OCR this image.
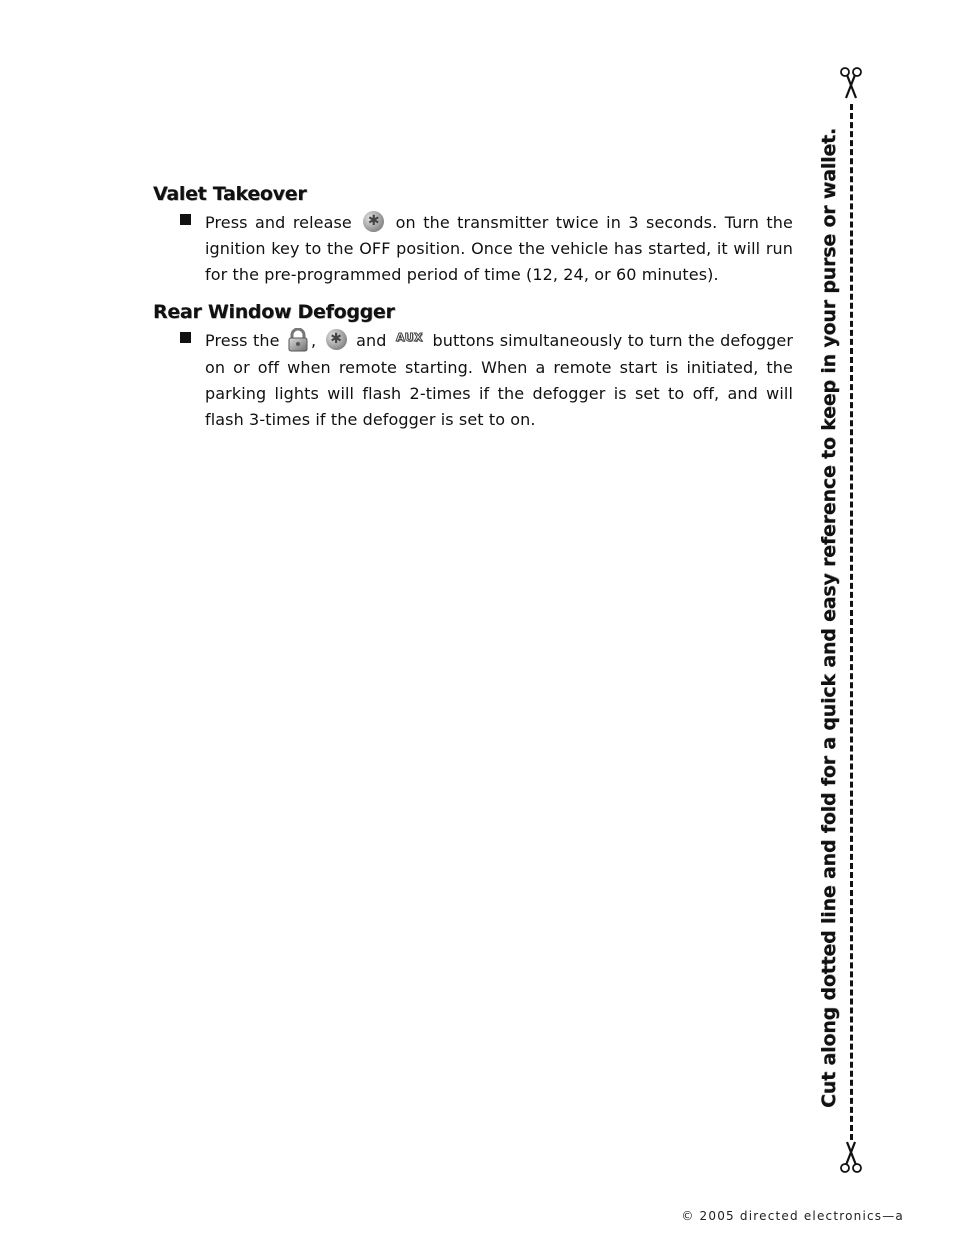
Valet Takeover

Press and release ✱ on the transmitter twice in 3 seconds. Turn the ignition key to the OFF position. Once the vehicle has started, it will run for the pre-programmed period of time (12, 24, or 60 minutes).

Rear Window Defogger

Press the , ✱ and AUX buttons simultaneously to turn the defogger on or off when remote starting. When a remote start is initiated, the parking lights will flash 2-times if the defogger is set to off, and will flash 3-times if the defogger is set to on.	Cut along dotted line and fold for a quick and easy reference to keep in your purse or wallet.
© 2005 directed electronics—a
